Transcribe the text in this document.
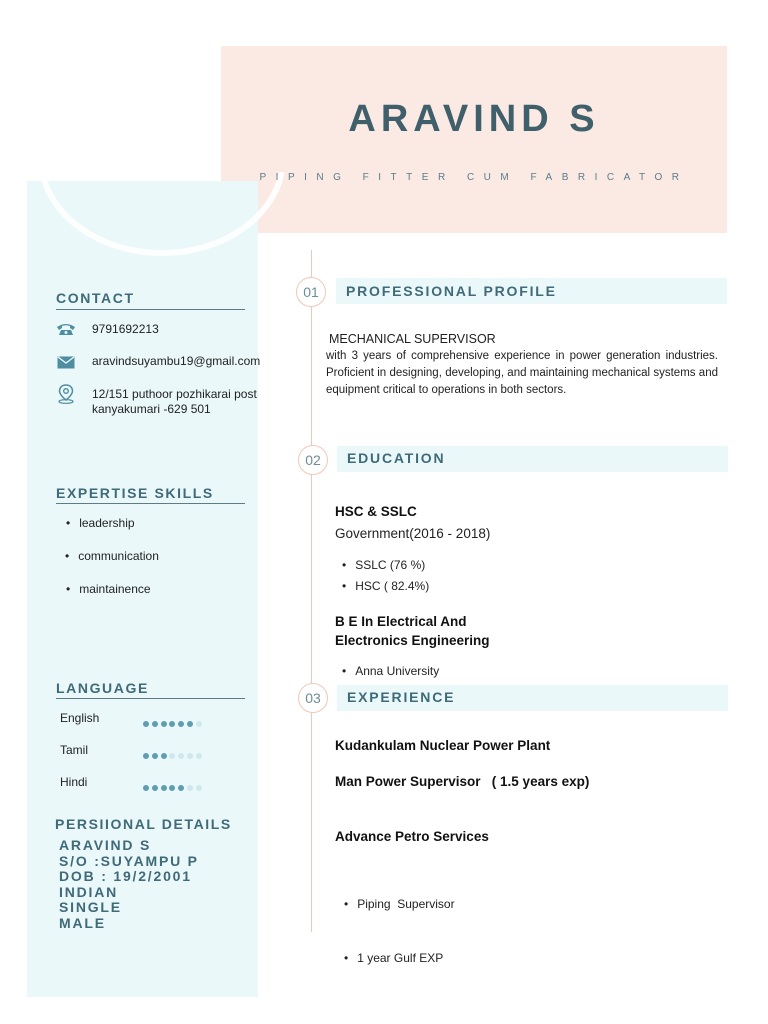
ARAVIND S
PIPING FITTER CUM FABRICATOR
CONTACT
9791692213
aravindsuyambu19@gmail.com
12/151 puthoor pozhikarai post
kanyakumari -629 501
EXPERTISE SKILLS
• leadership
• communication
• maintainence
LANGUAGE
English
Tamil
Hindi
PERSIIONAL DETAILS
ARAVIND S
S/O :SUYAMPU P
DOB : 19/2/2001
INDIAN
SINGLE
MALE
01	PROFESSIONAL PROFILE
MECHANICAL SUPERVISOR
with 3 years of comprehensive experience in power generation industries. Proficient in designing, developing, and maintaining mechanical systems and equipment critical to operations in both sectors.
02	EDUCATION
HSC & SSLC
Government(2016 - 2018)
• SSLC (76 %)
• HSC ( 82.4%)
B E In Electrical And
Electronics Engineering
• Anna University
03	EXPERIENCE
Kudankulam Nuclear Power Plant
Man Power Supervisor   ( 1.5 years exp)
Advance Petro Services

• Piping  Supervisor

• 1 year Gulf EXP
